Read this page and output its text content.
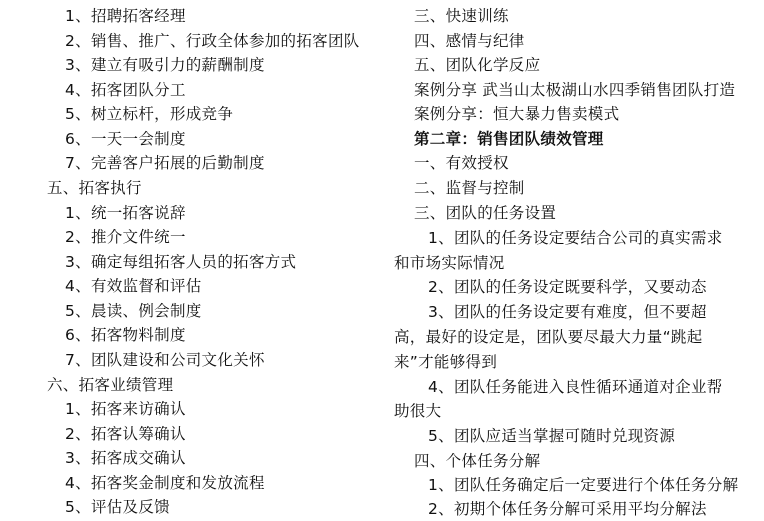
1、招聘拓客经理
2、销售、推广、行政全体参加的拓客团队
3、建立有吸引力的薪酬制度
4、拓客团队分工
5、树立标杆，形成竞争
6、一天一会制度
7、完善客户拓展的后勤制度
五、拓客执行
1、统一拓客说辞
2、推介文件统一
3、确定每组拓客人员的拓客方式
4、有效监督和评估
5、晨读、例会制度
6、拓客物料制度
7、团队建设和公司文化关怀
六、拓客业绩管理
1、拓客来访确认
2、拓客认筹确认
3、拓客成交确认
4、拓客奖金制度和发放流程
5、评估及反馈
三、快速训练
四、感情与纪律
五、团队化学反应
案例分享 武当山太极湖山水四季销售团队打造
案例分享：恒大暴力售卖模式
第二章：销售团队绩效管理
一、有效授权
二、监督与控制
三、团队的任务设置
1、团队的任务设定要结合公司的真实需求
和市场实际情况
2、团队的任务设定既要科学，又要动态
3、团队的任务设定要有难度，但不要超
高，最好的设定是，团队要尽最大力量“跳起
来”才能够得到
4、团队任务能进入良性循环通道对企业帮
助很大
5、团队应适当掌握可随时兑现资源
四、个体任务分解
1、团队任务确定后一定要进行个体任务分解
2、初期个体任务分解可采用平均分解法
